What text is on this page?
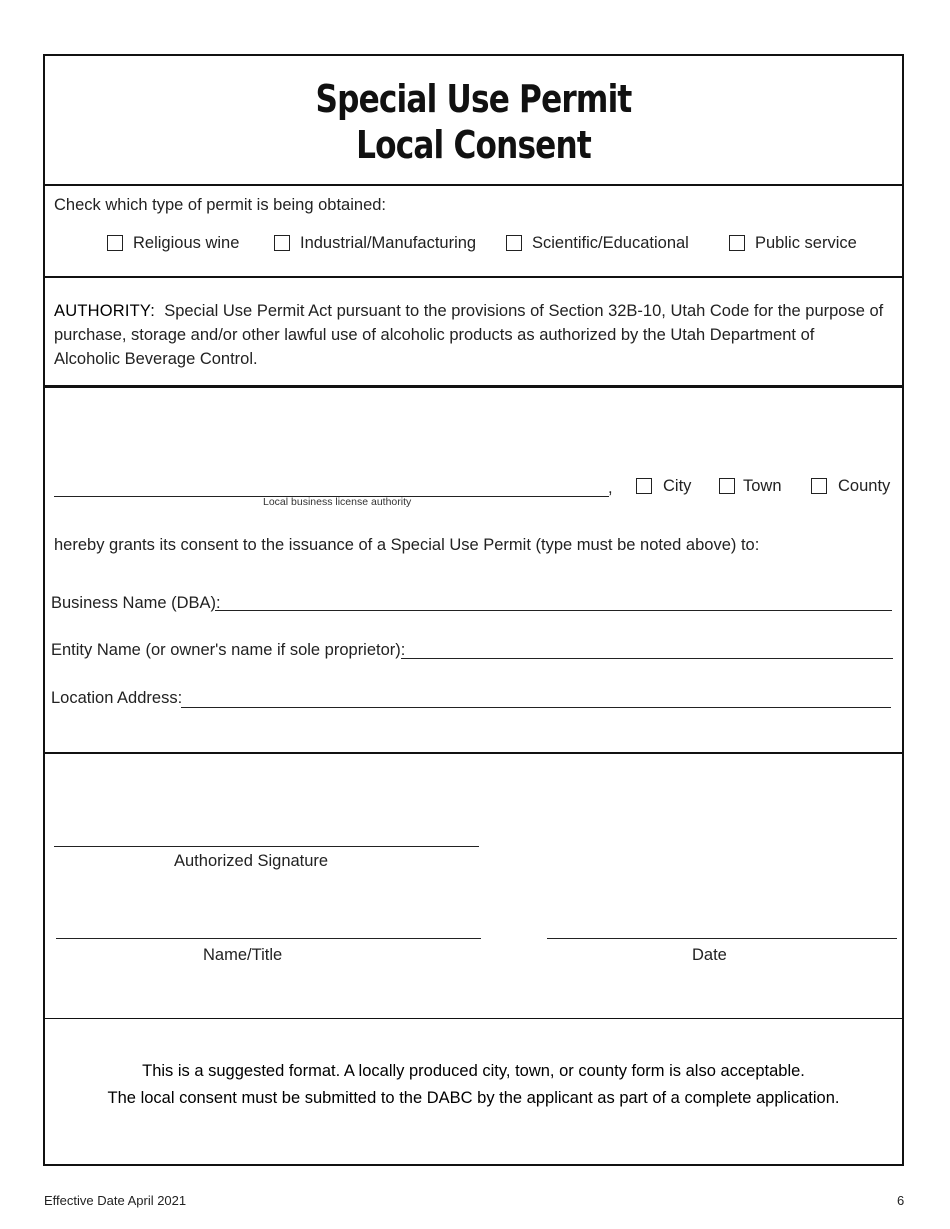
Special Use Permit
Local Consent
Check which type of permit is being obtained:
Religious wine	Industrial/Manufacturing	Scientific/Educational	Public service
AUTHORITY: Special Use Permit Act pursuant to the provisions of Section 32B-10, Utah Code for the purpose of purchase, storage and/or other lawful use of alcoholic products as authorized by the Utah Department of Alcoholic Beverage Control.
,
Local business license authority
City	Town	County
hereby grants its consent to the issuance of a Special Use Permit (type must be noted above) to:
Business Name (DBA):
Entity Name (or owner's name if sole proprietor):
Location Address:
Authorized Signature
Name/Title	Date
This is a suggested format. A locally produced city, town, or county form is also acceptable.
The local consent must be submitted to the DABC by the applicant as part of a complete application.
Effective Date April 2021	6
